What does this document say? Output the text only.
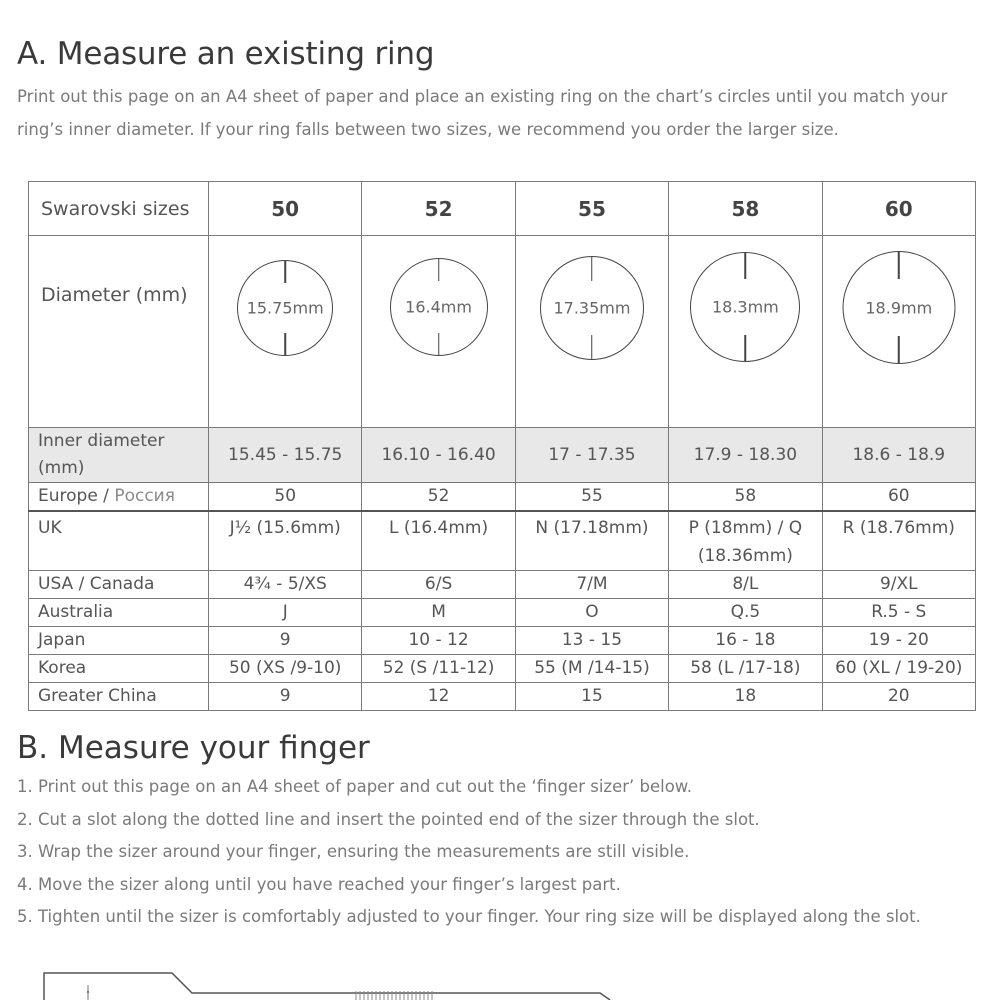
A. Measure an existing ring

Print out this page on an A4 sheet of paper and place an existing ring on the chart’s circles until you match your ring’s inner diameter. If your ring falls between two sizes, we recommend you order the larger size.

Swarovski sizes	50	52	55	58	60
Diameter (mm)	15.75mm	16.4mm	17.35mm	18.3mm	18.9mm

Inner diameter (mm)	15.45 - 15.75	16.10 - 16.40	17 - 17.35	17.9 - 18.30	18.6 - 18.9
Europe / Россия	50	52	55	58	60
UK	J½ (15.6mm)	L (16.4mm)	N (17.18mm)	P (18mm) / Q (18.36mm)	R (18.76mm)
USA / Canada	4¾ - 5/XS	6/S	7/M	8/L	9/XL
Australia	J	M	O	Q.5	R.5 - S
Japan	9	10 - 12	13 - 15	16 - 18	19 - 20
Korea	50 (XS /9-10)	52 (S /11-12)	55 (M /14-15)	58 (L /17-18)	60 (XL / 19-20)
Greater China	9	12	15	18	20
B. Measure your finger
1. Print out this page on an A4 sheet of paper and cut out the ‘finger sizer’ below.
2. Cut a slot along the dotted line and insert the pointed end of the sizer through the slot.
3. Wrap the sizer around your finger, ensuring the measurements are still visible.
4. Move the sizer along until you have reached your finger’s largest part.
5. Tighten until the sizer is comfortably adjusted to your finger. Your ring size will be displayed along the slot.
